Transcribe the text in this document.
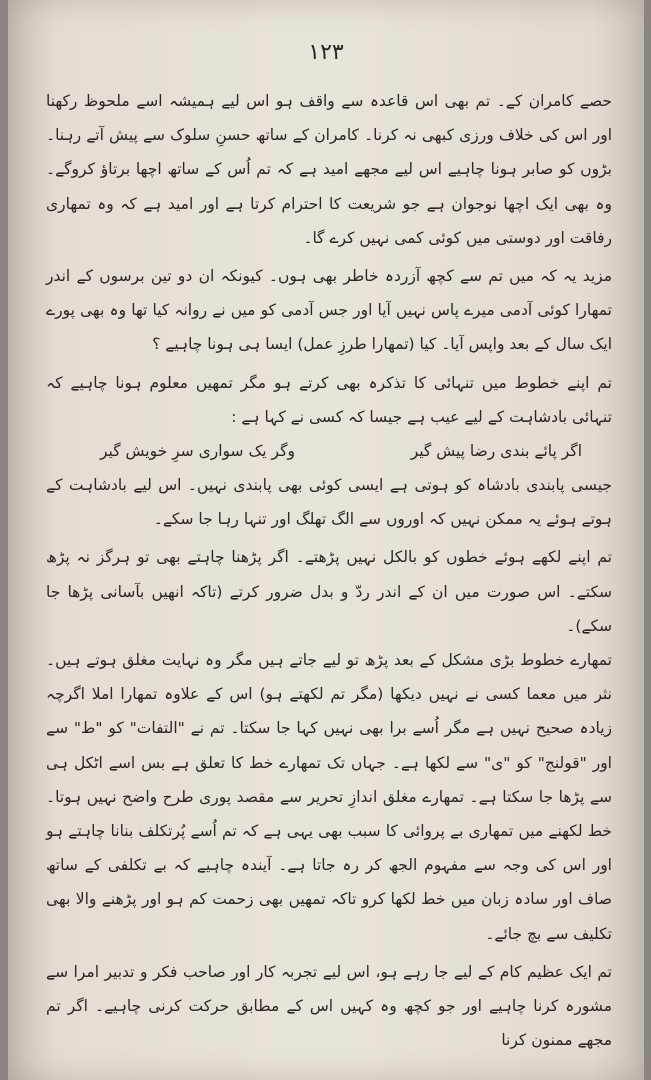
۱۲۳

حصے کامران کے۔ تم بھی اس قاعدہ سے واقف ہو اس لیے ہمیشہ اسے ملحوظ رکھنا اور اس کی خلاف ورزی کبھی نہ کرنا۔ کامران کے ساتھ حسنِ سلوک سے پیش آتے رہنا۔ بڑوں کو صابر ہونا چاہیے اس لیے مجھے امید ہے کہ تم اُس کے ساتھ اچھا برتاؤ کروگے۔ وہ بھی ایک اچھا نوجوان ہے جو شریعت کا احترام کرتا ہے اور امید ہے کہ وہ تمھاری رفاقت اور دوستی میں کوئی کمی نہیں کرے گا۔

مزید یہ کہ میں تم سے کچھ آزردہ خاطر بھی ہوں۔ کیونکہ ان دو تین برسوں کے اندر تمھارا کوئی آدمی میرے پاس نہیں آیا اور جس آدمی کو میں نے روانہ کیا تھا وہ بھی پورے ایک سال کے بعد واپس آیا۔ کیا (تمھارا طرزِ عمل) ایسا ہی ہونا چاہیے ؟

تم اپنے خطوط میں تنہائی کا تذکرہ بھی کرتے ہو مگر تمھیں معلوم ہونا چاہیے کہ تنہائی بادشاہت کے لیے عیب ہے جیسا کہ کسی نے کہا ہے :

اگر پائے بندی رضا پیش گیر
وگر یک سواری سرِ خویش گیر

جیسی پابندی بادشاہ کو ہوتی ہے ایسی کوئی بھی پابندی نہیں۔ اس لیے بادشاہت کے ہوتے ہوئے یہ ممکن نہیں کہ اوروں سے الگ تھلگ اور تنہا رہا جا سکے۔

تم اپنے لکھے ہوئے خطوں کو بالکل نہیں پڑھتے۔ اگر پڑھنا چاہتے بھی تو ہرگز نہ پڑھ سکتے۔ اس صورت میں ان کے اندر ردّ و بدل ضرور کرتے (تاکہ انھیں بآسانی پڑھا جا سکے)۔

تمھارے خطوط بڑی مشکل کے بعد پڑھ تو لیے جاتے ہیں مگر وہ نہایت مغلق ہوتے ہیں۔ نثر میں معما کسی نے نہیں دیکھا (مگر تم لکھتے ہو) اس کے علاوہ تمھارا املا اگرچہ زیادہ صحیح نہیں ہے مگر اُسے برا بھی نہیں کہا جا سکتا۔ تم نے "التفات" کو "ط" سے اور "قولنج" کو "ی" سے لکھا ہے۔ جہاں تک تمھارے خط کا تعلق ہے بس اسے اٹکل ہی سے پڑھا جا سکتا ہے۔ تمھارے مغلق اندازِ تحریر سے مقصد پوری طرح واضح نہیں ہوتا۔ خط لکھنے میں تمھاری بے پروائی کا سبب بھی یہی ہے کہ تم اُسے پُرتکلف بنانا چاہتے ہو اور اس کی وجہ سے مفہوم الجھ کر رہ جاتا ہے۔ آیندہ چاہیے کہ بے تکلفی کے ساتھ صاف اور سادہ زبان میں خط لکھا کرو تاکہ تمھیں بھی زحمت کم ہو اور پڑھنے والا بھی تکلیف سے بچ جائے۔

تم ایک عظیم کام کے لیے جا رہے ہو، اس لیے تجربہ کار اور صاحب فکر و تدبیر امرا سے مشورہ کرنا چاہیے اور جو کچھ وہ کہیں اس کے مطابق حرکت کرنی چاہیے۔ اگر تم مجھے ممنون کرنا
